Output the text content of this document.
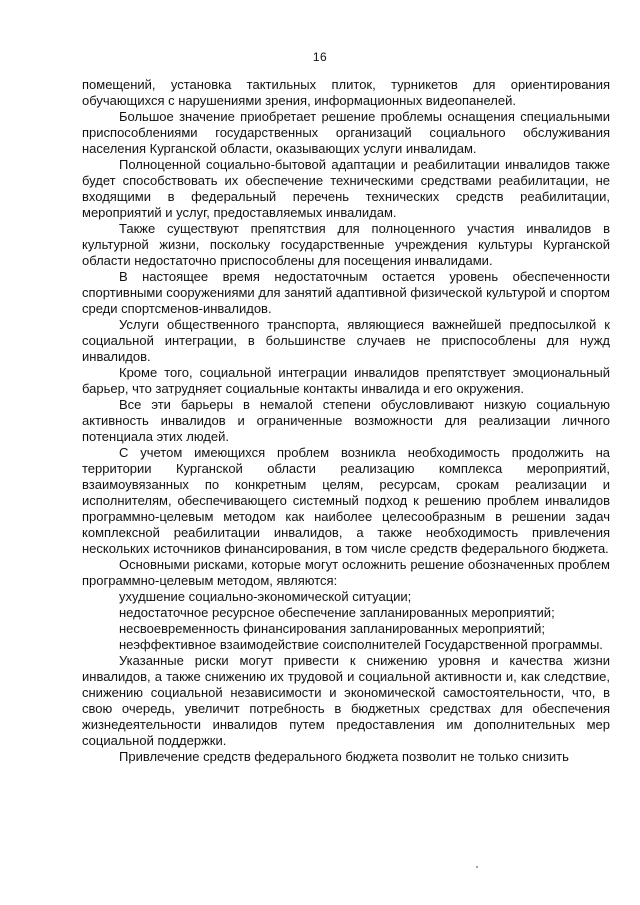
16

помещений, установка тактильных плиток, турникетов для ориентирования обучающихся с нарушениями зрения, информационных видеопанелей.

Большое значение приобретает решение проблемы оснащения специальными приспособлениями государственных организаций социального обслуживания населения Курганской области, оказывающих услуги инвалидам.

Полноценной социально-бытовой адаптации и реабилитации инвалидов также будет способствовать их обеспечение техническими средствами реабилитации, не входящими в федеральный перечень технических средств реабилитации, мероприятий и услуг, предоставляемых инвалидам.

Также существуют препятствия для полноценного участия инвалидов в культурной жизни, поскольку государственные учреждения культуры Курганской области недостаточно приспособлены для посещения инвалидами.

В настоящее время недостаточным остается уровень обеспеченности спортивными сооружениями для занятий адаптивной физической культурой и спортом среди спортсменов-инвалидов.

Услуги общественного транспорта, являющиеся важнейшей предпосылкой к социальной интеграции, в большинстве случаев не приспособлены для нужд инвалидов.

Кроме того, социальной интеграции инвалидов препятствует эмоциональный барьер, что затрудняет социальные контакты инвалида и его окружения.

Все эти барьеры в немалой степени обусловливают низкую социальную активность инвалидов и ограниченные возможности для реализации личного потенциала этих людей.

С учетом имеющихся проблем возникла необходимость продолжить на территории Курганской области реализацию комплекса мероприятий, взаимоувязанных по конкретным целям, ресурсам, срокам реализации и исполнителям, обеспечивающего системный подход к решению проблем инвалидов программно-целевым методом как наиболее целесообразным в решении задач комплексной реабилитации инвалидов, а также необходимость привлечения нескольких источников финансирования, в том числе средств федерального бюджета.

Основными рисками, которые могут осложнить решение обозначенных проблем программно-целевым методом, являются:

ухудшение социально-экономической ситуации;

недостаточное ресурсное обеспечение запланированных мероприятий;

несвоевременность финансирования запланированных мероприятий;

неэффективное взаимодействие соисполнителей Государственной программы.

Указанные риски могут привести к снижению уровня и качества жизни инвалидов, а также снижению их трудовой и социальной активности и, как следствие, снижению социальной независимости и экономической самостоятельности, что, в свою очередь, увеличит потребность в бюджетных средствах для обеспечения жизнедеятельности инвалидов путем предоставления им дополнительных мер социальной поддержки.

Привлечение средств федерального бюджета позволит не только снизить
